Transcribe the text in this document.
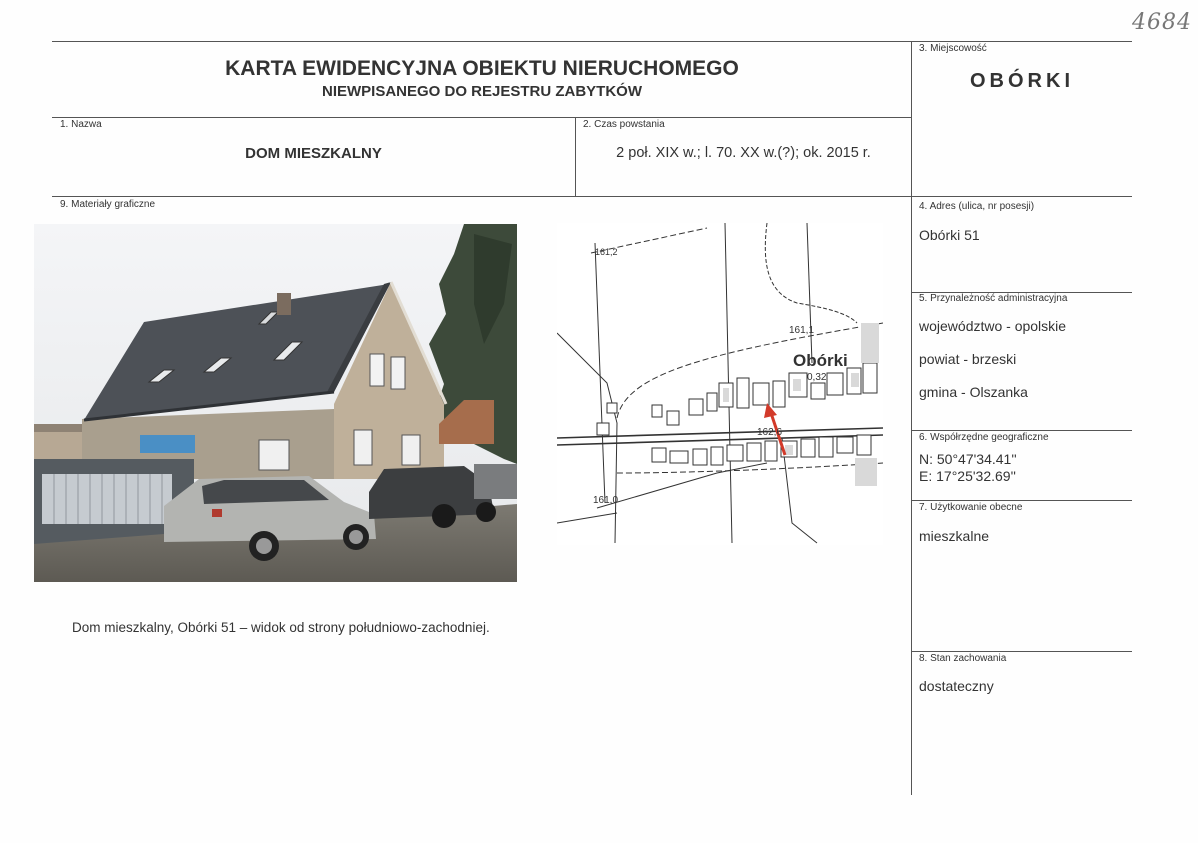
4684
KARTA EWIDENCYJNA OBIEKTU NIERUCHOMEGO
NIEWPISANEGO DO REJESTRU ZABYTKÓW
3. Miejscowość
OBÓRKI
1. Nazwa
DOM MIESZKALNY
2. Czas powstania
2 poł. XIX w.; l. 70. XX w.(?); ok. 2015 r.
9. Materiały graficzne	4. Adres (ulica, nr posesji)
Obórki 51
5. Przynależność administracyjna
województwo - opolskie
powiat - brzeski
gmina - Olszanka
6. Współrzędne geograficzne
N: 50°47'34.41''
E: 17°25'32.69''
7. Użytkowanie obecne
mieszkalne
8. Stan zachowania
dostateczny
161,2
161,1
Obórki
0,32
162,6
161,0
Dom mieszkalny, Obórki 51 – widok od strony południowo-zachodniej.
